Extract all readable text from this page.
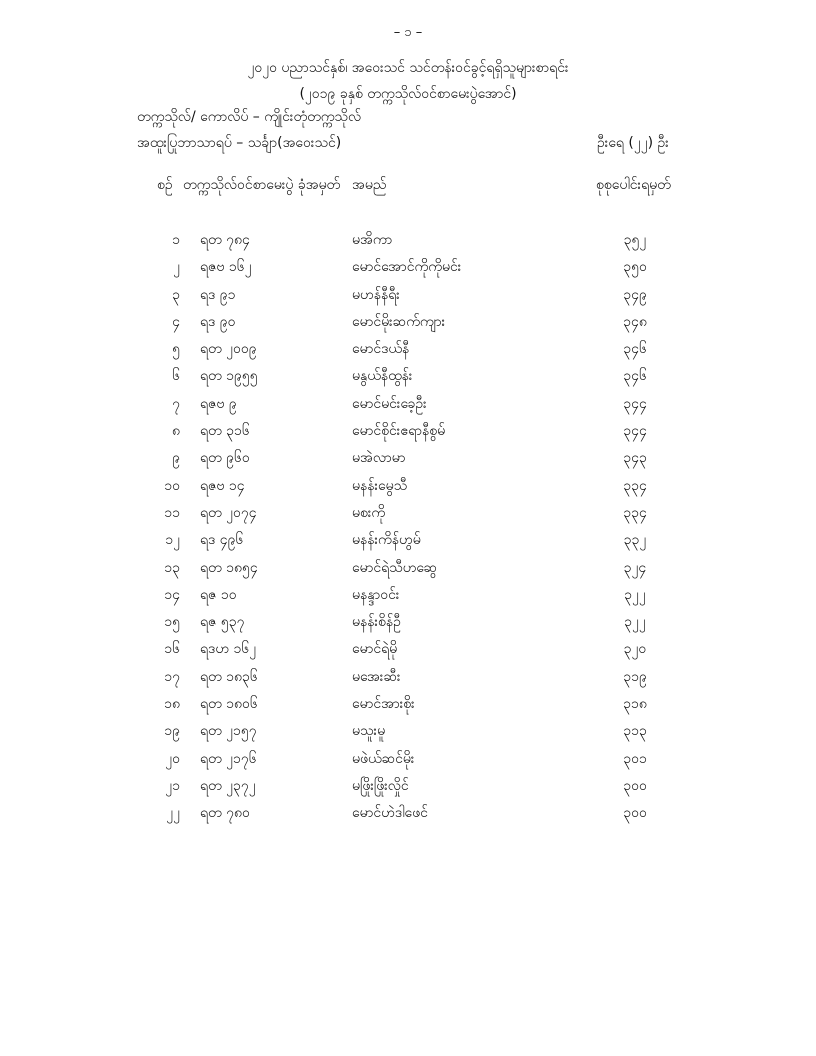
– ၁ –
၂၀၂၀ ပညာသင်နှစ်၊ အဝေးသင် သင်တန်းဝင်ခွင့်ရရှိသူများစာရင်း
(၂၀၁၉ ခုနှစ် တက္ကသိုလ်ဝင်စာမေးပွဲအောင်)
တက္ကသိုလ်/ ကောလိပ် – ကျိုင်းတုံတက္ကသိုလ်
အထူးပြုဘာသာရပ် – သင်္ချာ(အဝေးသင်)	ဦးရေ (၂၂) ဦး
စဉ် တက္ကသိုလ်ဝင်စာမေးပွဲ ခုံအမှတ် အမည်	စုစုပေါင်းရမှတ်
၁ ရတ ၇၈၄	မအိကာ	၃၅၂
၂ ရဇဗ ၁၆၂	မောင်အောင်ကိုကိုမင်း	၃၅၀
၃ ရဒ ၉၁	မဟန်နီရီး	၃၄၉
၄ ရဒ ၉၀	မောင်မိုးဆက်ကျား	၃၄၈
၅ ရတ ၂၀၀၉	မောင်ဒယ်နီ	၃၄၆
၆ ရတ ၁၉၅၅	မနွယ်နီထွန်း	၃၄၆
၇ ရဇဗ ၉	မောင်မင်းခေ့ဦး	၃၄၄
၈ ရတ ၃၁၆	မောင်စိုင်းဧရာနီစွမ်	၃၄၄
၉ ရတ ၉၆၀	မအဲလာမာ	၃၄၃
၁၀ ရဇဗ ၁၄	မနန်းမွေသီ	၃၃၄
၁၁ ရတ ၂၀၇၄	မစးကို	၃၃၄
၁၂ ရဒ ၄၉၆	မနန်းကိန်ဟွမ်	၃၃၂
၁၃ ရတ ၁၈၅၄	မောင်ရဲသီဟဆွေ	၃၂၄
၁၄ ရဇ ၁၀	မနန္ဒာဝင်း	၃၂၂
၁၅ ရဇ ၅၃၇	မနန်းစိန်ဦ	၃၂၂
၁၆ ရဒဟ ၁၆၂	မောင်ရဲမို	၃၂၀
၁၇ ရတ ၁၈၃၆	မအေးဆီး	၃၁၉
၁၈ ရတ ၁၈၀၆	မောင်အားစိုး	၃၁၈
၁၉ ရတ ၂၁၅၇	မသူးမူ	၃၁၃
၂၀ ရတ ၂၁၇၆	မဖဲယ်ဆင်မိုး	၃၀၁
၂၁ ရတ ၂၃၇၂	မဖြိုးဖြိုးလှိုင်	၃၀၀
၂၂ ရတ ၇၈၀	မောင်ဟဲဒါဖေင်	၃၀၀
